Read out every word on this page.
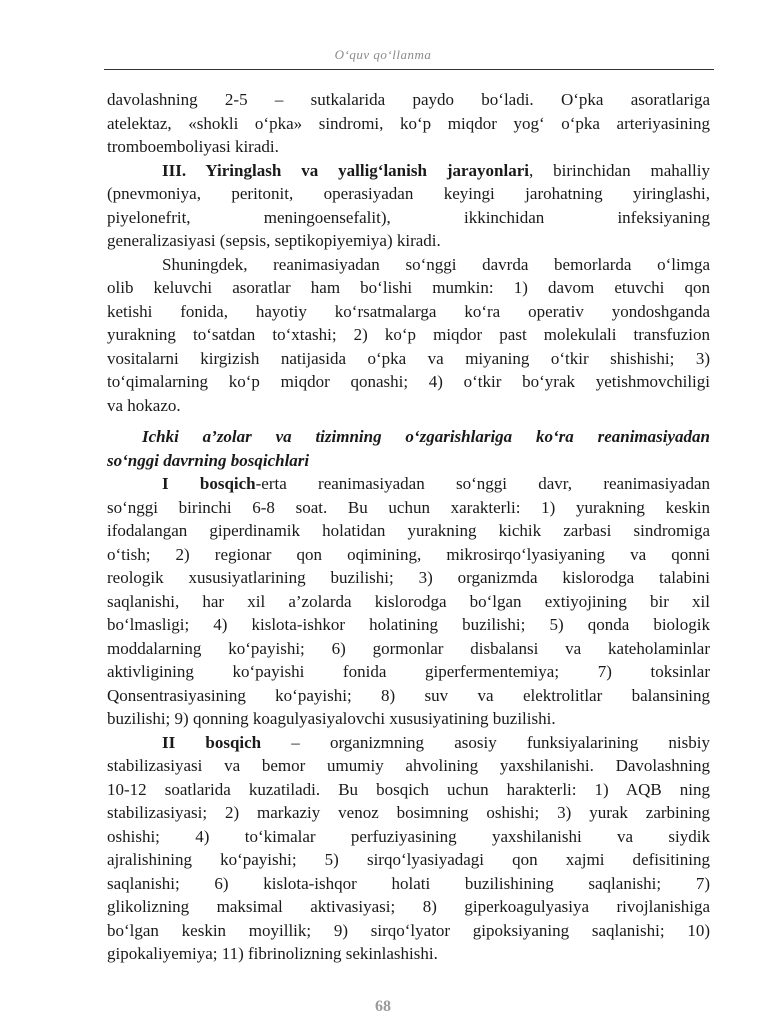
O‘quv qo‘llanma
davolashning 2-5 – sutkalarida paydo bo‘ladi. O‘pka asoratlariga
atelektaz, «shokli o‘pka» sindromi, ko‘p miqdor yog‘ o‘pka arteriyasining
tromboemboliyasi kiradi.
III. Yiringlash va yallig‘lanish jarayonlari, birinchidan mahalliy
(pnevmoniya, peritonit, operasiyadan keyingi jarohatning yiringlashi,
piyelonefrit, meningoensefalit), ikkinchidan infeksiyaning
generalizasiyasi (sepsis, septikopiyemiya) kiradi.
Shuningdek, reanimasiyadan so‘nggi davrda bemorlarda o‘limga
olib keluvchi asoratlar ham bo‘lishi mumkin: 1) davom etuvchi qon
ketishi fonida, hayotiy ko‘rsatmalarga ko‘ra operativ yondoshganda
yurakning to‘satdan to‘xtashi; 2) ko‘p miqdor past molekulali transfuzion
vositalarni kirgizish natijasida o‘pka va miyaning o‘tkir shishishi; 3)
to‘qimalarning ko‘p miqdor qonashi; 4) o‘tkir bo‘yrak yetishmovchiligi
va hokazo.
Ichki a’zolar va tizimning o‘zgarishlariga ko‘ra reanimasiyadan
so‘nggi davrning bosqichlari
I bosqich-erta reanimasiyadan so‘nggi davr, reanimasiyadan
so‘nggi birinchi 6-8 soat. Bu uchun xarakterli: 1) yurakning keskin
ifodalangan giperdinamik holatidan yurakning kichik zarbasi sindromiga
o‘tish; 2) regionar qon oqimining, mikrosirqo‘lyasiyaning va qonni
reologik xususiyatlarining buzilishi; 3) organizmda kislorodga talabini
saqlanishi, har xil a’zolarda kislorodga bo‘lgan extiyojining bir xil
bo‘lmasligi; 4) kislota-ishkor holatining buzilishi; 5) qonda biologik
moddalarning ko‘payishi; 6) gormonlar disbalansi va kateholaminlar
aktivligining ko‘payishi fonida giperfermentemiya; 7) toksinlar
Qonsentrasiyasining ko‘payishi; 8) suv va elektrolitlar balansining
buzilishi; 9) qonning koagulyasiyalovchi xususiyatining buzilishi.
II bosqich – organizmning asosiy funksiyalarining nisbiy
stabilizasiyasi va bemor umumiy ahvolining yaxshilanishi. Davolashning
10-12 soatlarida kuzatiladi. Bu bosqich uchun harakterli: 1) AQB ning
stabilizasiyasi; 2) markaziy venoz bosimning oshishi; 3) yurak zarbining
oshishi; 4) to‘kimalar perfuziyasining yaxshilanishi va siydik
ajralishining ko‘payishi; 5) sirqo‘lyasiyadagi qon xajmi defisitining
saqlanishi; 6) kislota-ishqor holati buzilishining saqlanishi; 7)
glikolizning maksimal aktivasiyasi; 8) giperkoagulyasiya rivojlanishiga
bo‘lgan keskin moyillik; 9) sirqo‘lyator gipoksiyaning saqlanishi; 10)
gipokaliyemiya; 11) fibrinolizning sekinlashishi.
68
